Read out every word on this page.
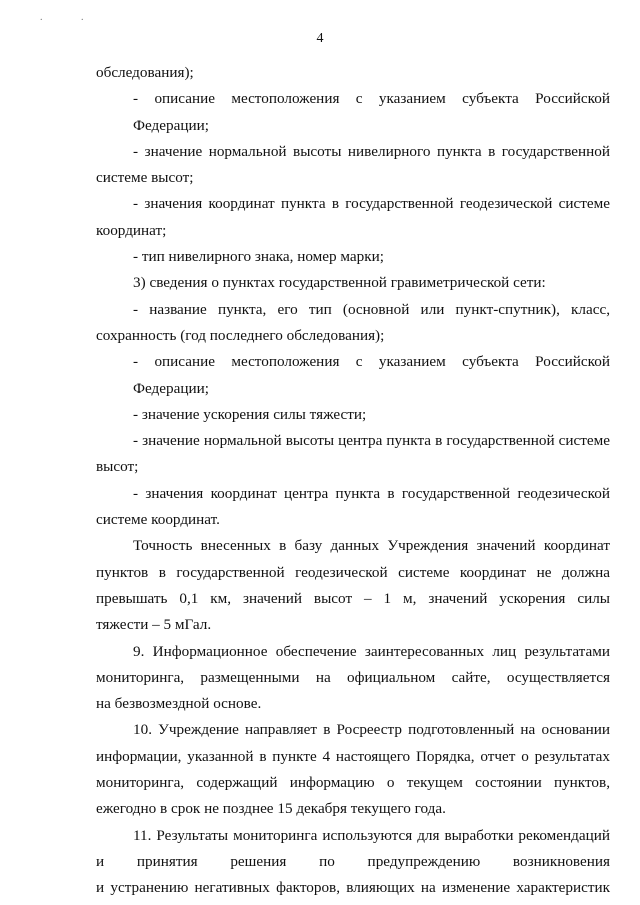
. .
4
обследования);
- описание местоположения с указанием субъекта Российской Федерации;
- значение нормальной высоты нивелирного пункта в государственной
системе высот;
- значения координат пункта в государственной геодезической системе
координат;
- тип нивелирного знака, номер марки;
3) сведения о пунктах государственной гравиметрической сети:
- название пункта, его тип (основной или пункт-спутник), класс,
сохранность (год последнего обследования);
- описание местоположения с указанием субъекта Российской Федерации;
- значение ускорения силы тяжести;
- значение нормальной высоты центра пункта в государственной системе
высот;
- значения координат центра пункта в государственной геодезической
системе координат.
Точность внесенных в базу данных Учреждения значений координат
пунктов в государственной геодезической системе координат не должна
превышать 0,1 км, значений высот – 1 м, значений ускорения силы
тяжести – 5 мГал.
9. Информационное обеспечение заинтересованных лиц результатами
мониторинга, размещенными на официальном сайте, осуществляется
на безвозмездной основе.
10. Учреждение направляет в Росреестр подготовленный на основании
информации, указанной в пункте 4 настоящего Порядка, отчет о результатах
мониторинга, содержащий информацию о текущем состоянии пунктов,
ежегодно в срок не позднее 15 декабря текущего года.
11. Результаты мониторинга используются для выработки рекомендаций
и принятия решения по предупреждению возникновения
и устранению негативных факторов, влияющих на изменение характеристик
